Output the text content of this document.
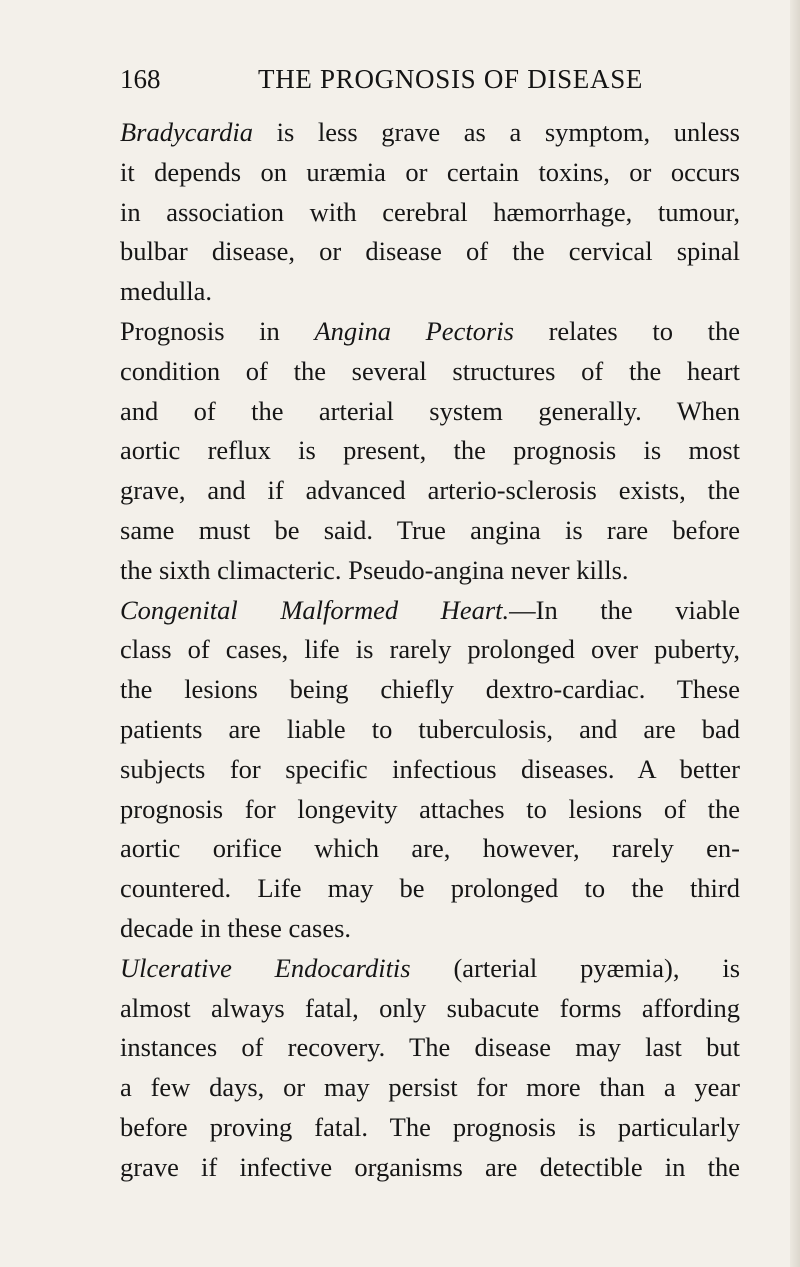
168	THE PROGNOSIS OF DISEASE
Bradycardia is less grave as a symptom, unless
it depends on uræmia or certain toxins, or occurs
in association with cerebral hæmorrhage, tumour,
bulbar disease, or disease of the cervical spinal
medulla.
Prognosis in Angina Pectoris relates to the
condition of the several structures of the heart
and of the arterial system generally. When
aortic reflux is present, the prognosis is most
grave, and if advanced arterio-sclerosis exists, the
same must be said. True angina is rare before
the sixth climacteric. Pseudo-angina never kills.
Congenital Malformed Heart.—In the viable
class of cases, life is rarely prolonged over puberty,
the lesions being chiefly dextro-cardiac. These
patients are liable to tuberculosis, and are bad
subjects for specific infectious diseases. A better
prognosis for longevity attaches to lesions of the
aortic orifice which are, however, rarely en-
countered. Life may be prolonged to the third
decade in these cases.
Ulcerative Endocarditis (arterial pyæmia), is
almost always fatal, only subacute forms affording
instances of recovery. The disease may last but
a few days, or may persist for more than a year
before proving fatal. The prognosis is particularly
grave if infective organisms are detectible in the
